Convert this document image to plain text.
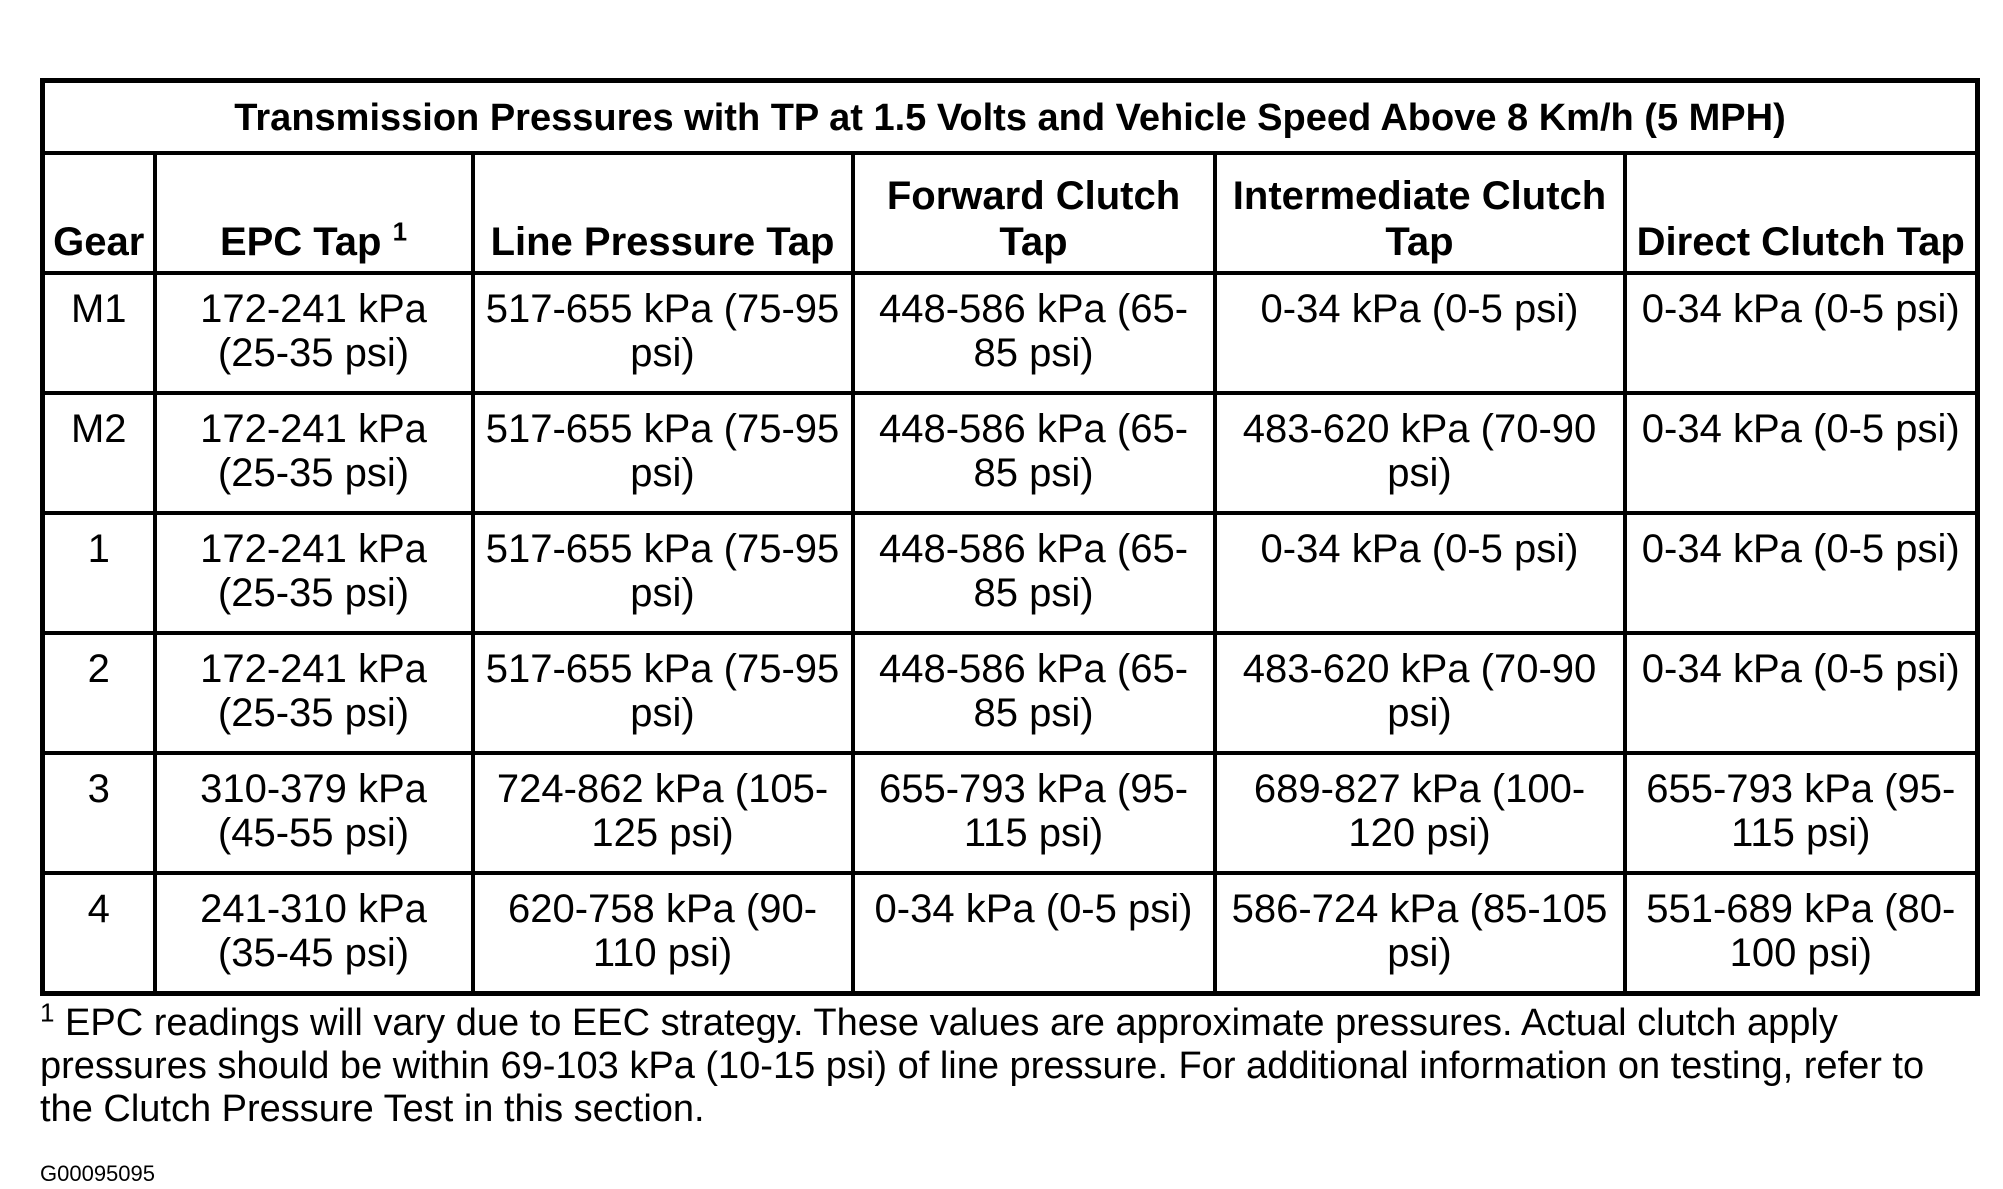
Transmission Pressures with TP at 1.5 Volts and Vehicle Speed Above 8 Km/h (5 MPH)					
Gear	EPC Tap $^1$	Line Pressure Tap	Forward Clutch Tap	Intermediate Clutch Tap	Direct Clutch Tap
M1	172-241 kPa (25-35 psi)	517-655 kPa (75-95 psi)	448-586 kPa (65-85 psi)	0-34 kPa (0-5 psi)	0-34 kPa (0-5 psi)
M2	172-241 kPa (25-35 psi)	517-655 kPa (75-95 psi)	448-586 kPa (65-85 psi)	483-620 kPa (70-90 psi)	0-34 kPa (0-5 psi)
1	172-241 kPa (25-35 psi)	517-655 kPa (75-95 psi)	448-586 kPa (65-85 psi)	0-34 kPa (0-5 psi)	0-34 kPa (0-5 psi)
2	172-241 kPa (25-35 psi)	517-655 kPa (75-95 psi)	448-586 kPa (65-85 psi)	483-620 kPa (70-90 psi)	0-34 kPa (0-5 psi)
3	310-379 kPa (45-55 psi)	724-862 kPa (105-125 psi)	655-793 kPa (95-115 psi)	689-827 kPa (100-120 psi)	655-793 kPa (95-115 psi)
4	241-310 kPa (35-45 psi)	620-758 kPa (90-110 psi)	0-34 kPa (0-5 psi)	586-724 kPa (85-105 psi)	551-689 kPa (80-100 psi)
$^1$ EPC readings will vary due to EEC strategy. These values are approximate pressures. Actual clutch apply pressures should be within 69-103 kPa (10-15 psi) of line pressure. For additional information on testing, refer to the Clutch Pressure Test in this section.
G00095095
